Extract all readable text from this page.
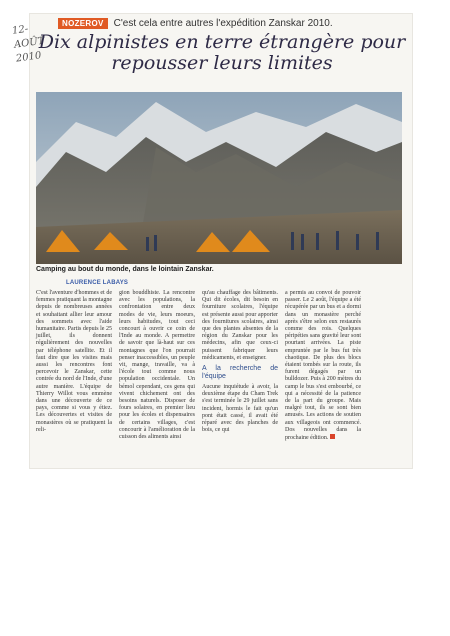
12-AOÛT 2010
NOZEROV	C'est cela entre autres l'expédition Zanskar 2010.
Dix alpinistes en terre étrangère pour repousser leurs limites
Camping au bout du monde, dans le lointain Zanskar.
LAURENCE LABAYS

C'est l'aventure d'hommes et de femmes pratiquant la montagne depuis de nombreuses années et souhaitant allier leur amour des sommets avec l'aide humanitaire. Partis depuis le 25 juillet, ils donnent régulièrement des nouvelles par téléphone satellite. Et il faut dire que les visites mais aussi les rencontres font percevoir le Zanskar, cette contrée du nord de l'Inde, d'une autre manière. L'équipe de Thierry Willot vous emmène dans une découverte de ce pays, comme si vous y étiez. Les découvertes et visites de monastères où se pratiquent la reli-

gion bouddhiste. La rencontre avec les populations, la confrontation entre deux modes de vie, leurs moeurs, leurs habitudes, tout ceci concourt à ouvrir ce coin de l'Inde au monde. A permettre de savoir que là-haut sur ces montagnes que l'on pourrait penser inaccessibles, un peuple vit, mange, travaille, va à l'école tout comme nous population occidentale. Un bémol cependant, ces gens qui vivent chichement ont des besoins naturels. Disposer de fours solaires, en premier lieu pour les écoles et dispensaires de certains villages, c'est concourir à l'amélioration de la cuisson des aliments ainsi

qu'au chauffage des bâtiments. Qui dit écoles, dit besoin en fourniture scolaires, l'équipe est présente aussi pour apporter des fournitures scolaires, ainsi que des plantes absentes de la région du Zanskar pour les médecins, afin que ceux-ci puissent fabriquer leurs médicaments, et enseigner.

A la recherche de l'équipe

Aucune inquiétude à avoir, la deuxième étape du Cham Trek s'est terminée le 29 juillet sans incident, hormis le fait qu'un pont était cassé, il avait été réparé avec des planches de bois, ce qui

a permis au convoi de pouvoir passer. Le 2 août, l'équipe a été récupérée par un bus et a dormi dans un monastère perché après s'être selon eux restaurés comme des rois. Quelques péripéties sans gravité leur sont pourtant arrivées. La piste empruntée par le bus fut très chaotique. De plus des blocs étaient tombés sur la route, ils furent dégagés par un bulldozer. Puis à 200 mètres du camp le bus s'est embourbé, ce qui a nécessité de la patience de la part du groupe. Mais malgré tout, ils se sont bien amusés. Les actions de soutien aux villageois ont commencé. Dos nouvelles dans la prochaine édition.
